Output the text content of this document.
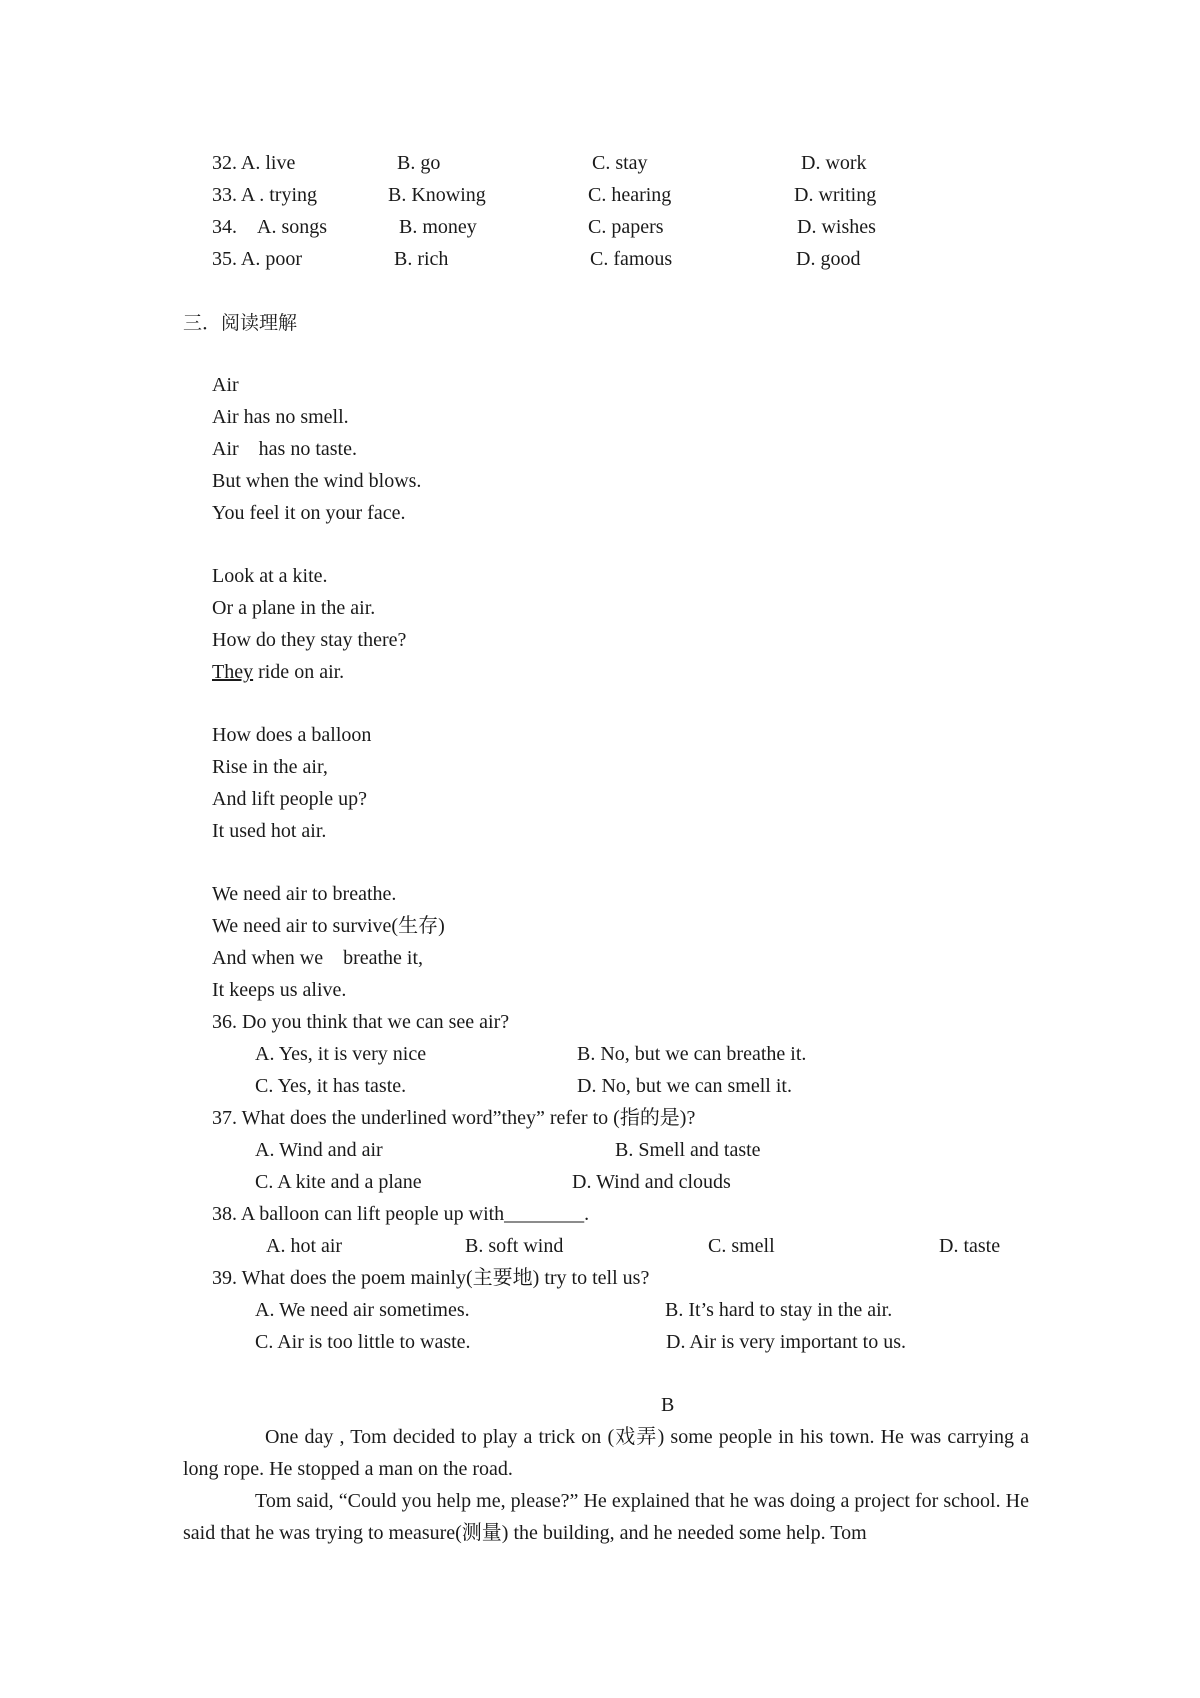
32. A. live	B. go	C. stay	D. work
33. A . trying	B. Knowing	C. hearing	D. writing
34.　A. songs	B. money	C. papers	D. wishes
35. A. poor	B. rich	C. famous	D. good
三．阅读理解
Air
Air has no smell.
Air　has no taste.
But when the wind blows.
You feel it on your face.
Look at a kite.
Or a plane in the air.
How do they stay there?
They ride on air.
How does a balloon
Rise in the air,
And lift people up?
It used hot air.
We need air to breathe.
We need air to survive(生存)
And when we　breathe it,
It keeps us alive.
36. Do you think that we can see air?
A. Yes, it is very nice	B. No, but we can breathe it.
C. Yes, it has taste.	D. No, but we can smell it.
37. What does the underlined word”they” refer to (指的是)?
A. Wind and air	B. Smell and taste
C. A kite and a plane	D. Wind and clouds
38. A balloon can lift people up with________.
A. hot air	B. soft wind	C. smell	D. taste
39. What does the poem mainly(主要地) try to tell us?
A. We need air sometimes.	B. It’s hard to stay in the air.
C. Air is too little to waste.	D. Air is very important to us.
B
One day , Tom decided to play a trick on (戏弄) some people in his town. He was carrying a long rope. He stopped a man on the road.
Tom said, “Could you help me, please?” He explained that he was doing a project for school. He said that he was trying to measure(测量) the building, and he needed some help. Tom
